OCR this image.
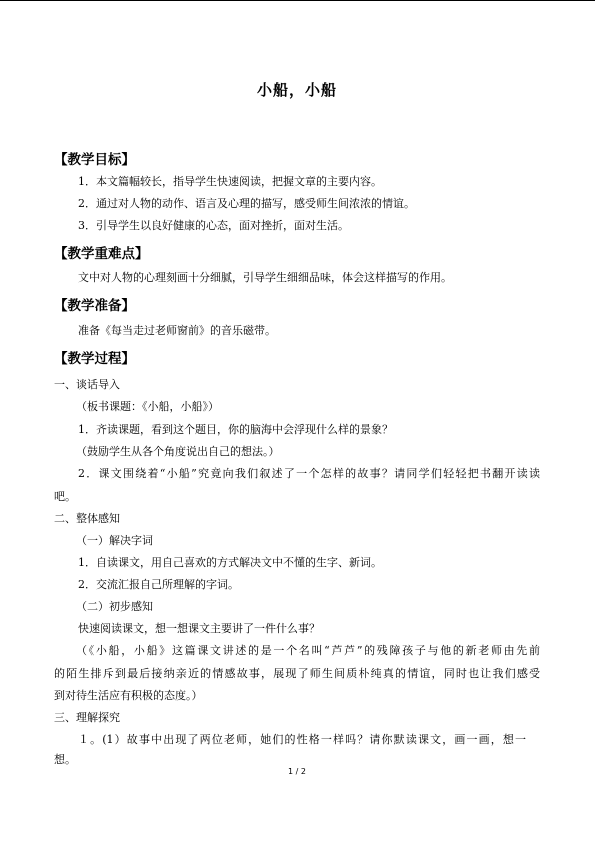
小船，小船
【教学目标】
1．本文篇幅较长，指导学生快速阅读，把握文章的主要内容。
2．通过对人物的动作、语言及心理的描写，感受师生间浓浓的情谊。
3．引导学生以良好健康的心态，面对挫折，面对生活。
【教学重难点】
文中对人物的心理刻画十分细腻，引导学生细细品味，体会这样描写的作用。
【教学准备】
准备《每当走过老师窗前》的音乐磁带。
【教学过程】
一、谈话导入
（板书课题：《小船，小船》）
1．齐读课题，看到这个题目，你的脑海中会浮现什么样的景象？
（鼓励学生从各个角度说出自己的想法。）
2．课文围绕着“小船”究竟向我们叙述了一个怎样的故事？请同学们轻轻把书翻开读读
吧。
二、整体感知
（一）解决字词
1．自读课文，用自己喜欢的方式解决文中不懂的生字、新词。
2．交流汇报自己所理解的字词。
（二）初步感知
快速阅读课文，想一想课文主要讲了一件什么事？
（《小船，小船》这篇课文讲述的是一个名叫“芦芦”的残障孩子与他的新老师由先前
的陌生排斥到最后接纳亲近的情感故事，展现了师生间质朴纯真的情谊，同时也让我们感受
到对待生活应有积极的态度。）
三、理解探究
１。(1）故事中出现了两位老师，她们的性格一样吗？请你默读课文，画一画，想一
想。
1 / 2
